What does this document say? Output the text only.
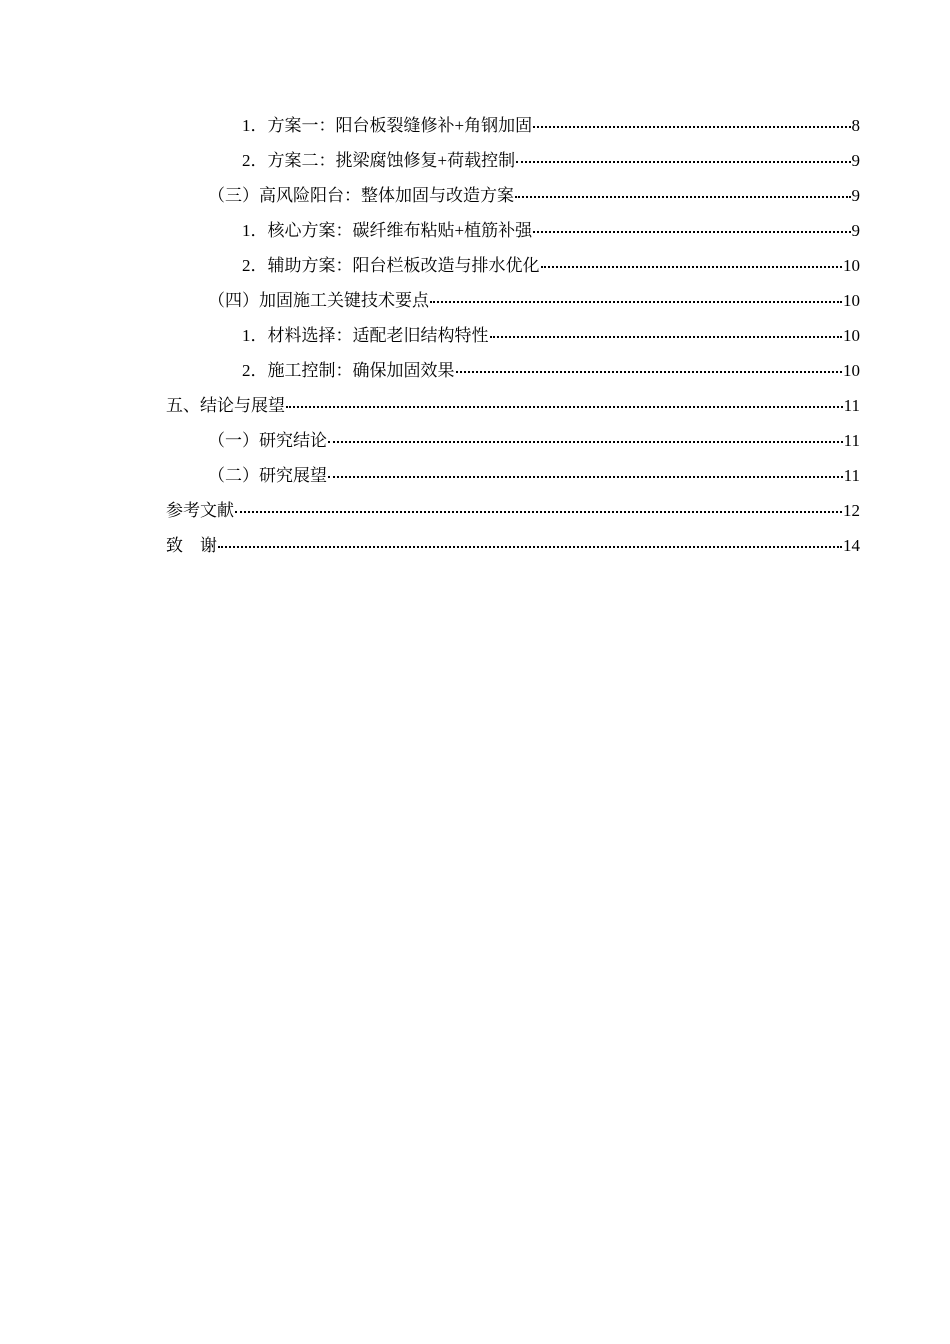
1．方案一：阳台板裂缝修补+角钢加固	8
2．方案二：挑梁腐蚀修复+荷载控制	9
（三）高风险阳台：整体加固与改造方案	9
1．核心方案：碳纤维布粘贴+植筋补强	9
2．辅助方案：阳台栏板改造与排水优化	10
（四）加固施工关键技术要点	10
1．材料选择：适配老旧结构特性	10
2．施工控制：确保加固效果	10
五、结论与展望	11
（一）研究结论	11
（二）研究展望	11
参考文献	12
致　谢	14
